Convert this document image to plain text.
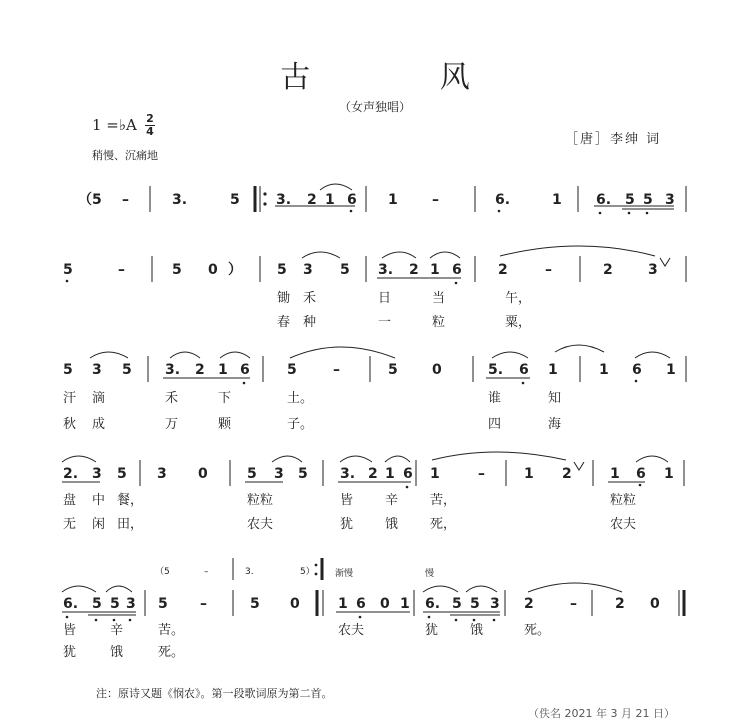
古 风
（女声独唱）
1 =♭A 2
4
稍慢、沉痛地
［唐］李绅 词
（5 –	3.	5	3. 2 1 6 1 –	6.	1 6. 5 5 3
5	–	5 0 ）	5 3 5 3. 2 1 6	2	–	2	3
锄 禾	日	当	午，
春 种	一	粒	粟，
5 3 5 3. 2 1 6	5	–	5 0	5. 6 1	1 6 1
汗 滴	禾	下	土。	谁	知
秋 成	万	颗	子。	四	海
2. 3 5 3 0	5 3 5 3. 2 1 6 1	–	1 2	1 6 1
盘 中 餐，	粒粒	皆 辛 苦，	粒粒
无 闲 田，	农夫	犹 饿 死，	农夫
6. 5 5 3 5 –	5 0	1 6 0 1 6. 5 5 3 2	–	2 0
皆	辛	苦。	农夫	犹 饿	死。
犹	饿	死。
（5	–	3.	5） 渐慢	慢
注：原诗又题《悯农》。第一段歌词原为第二首。
（佚名 2021 年 3 月 21 日）
